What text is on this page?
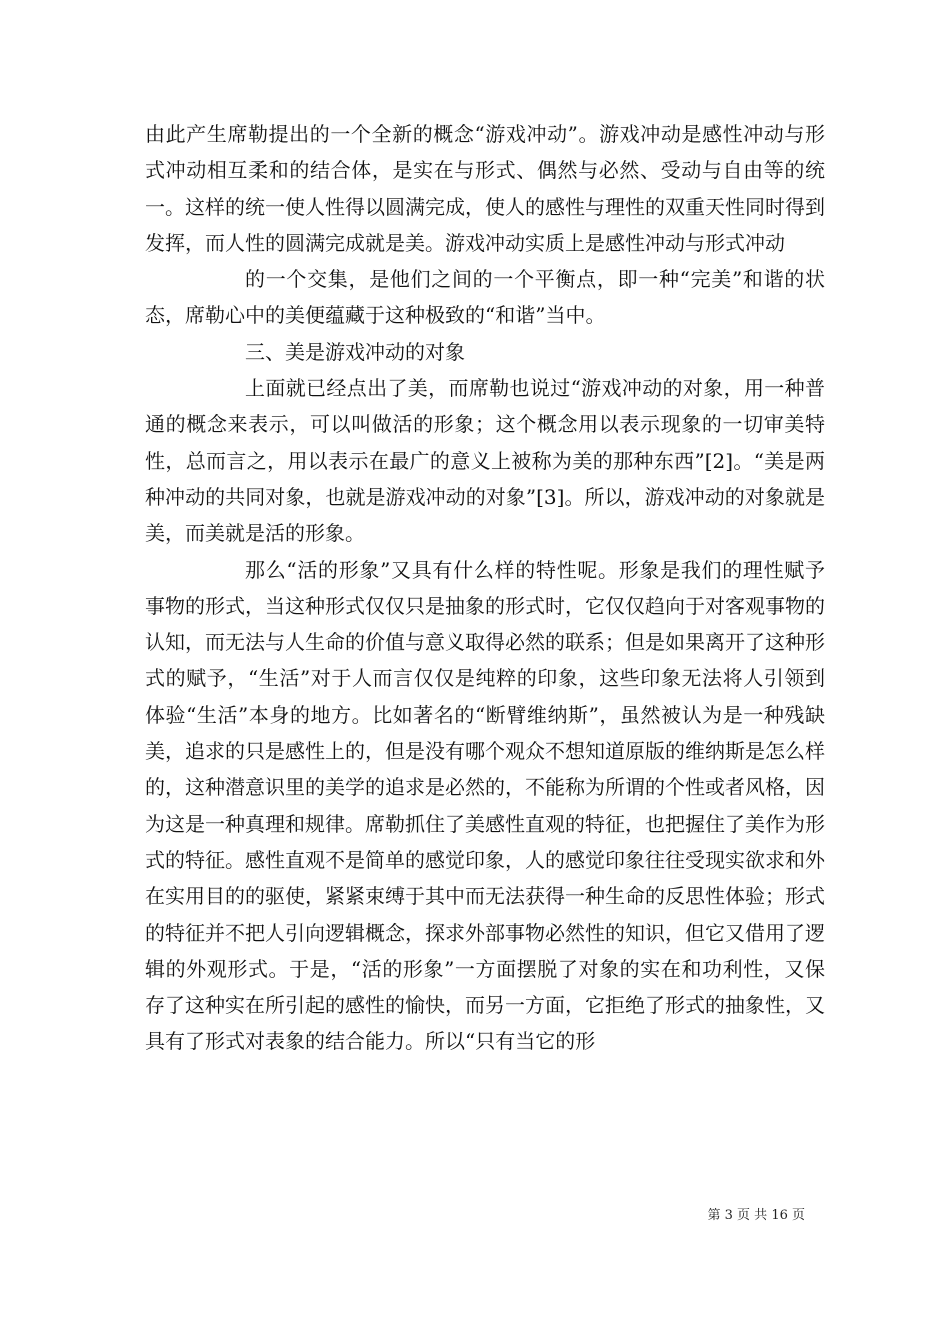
由此产生席勒提出的一个全新的概念“游戏冲动”。游戏冲动是感性冲动与形式冲动相互柔和的结合体，是实在与形式、偶然与必然、受动与自由等的统一。这样的统一使人性得以圆满完成，使人的感性与理性的双重天性同时得到发挥，而人性的圆满完成就是美。游戏冲动实质上是感性冲动与形式冲动

的一个交集，是他们之间的一个平衡点，即一种“完美”和谐的状态，席勒心中的美便蕴藏于这种极致的“和谐”当中。

三、美是游戏冲动的对象

上面就已经点出了美，而席勒也说过“游戏冲动的对象，用一种普通的概念来表示，可以叫做活的形象；这个概念用以表示现象的一切审美特性，总而言之，用以表示在最广的意义上被称为美的那种东西”[2]。“美是两种冲动的共同对象，也就是游戏冲动的对象”[3]。所以，游戏冲动的对象就是美，而美就是活的形象。

那么“活的形象”又具有什么样的特性呢。形象是我们的理性赋予事物的形式，当这种形式仅仅只是抽象的形式时，它仅仅趋向于对客观事物的认知，而无法与人生命的价值与意义取得必然的联系；但是如果离开了这种形式的赋予，“生活”对于人而言仅仅是纯粹的印象，这些印象无法将人引领到体验“生活”本身的地方。比如著名的“断臂维纳斯”，虽然被认为是一种残缺美，追求的只是感性上的，但是没有哪个观众不想知道原版的维纳斯是怎么样的，这种潜意识里的美学的追求是必然的，不能称为所谓的个性或者风格，因为这是一种真理和规律。席勒抓住了美感性直观的特征，也把握住了美作为形式的特征。感性直观不是简单的感觉印象，人的感觉印象往往受现实欲求和外在实用目的的驱使，紧紧束缚于其中而无法获得一种生命的反思性体验；形式的特征并不把人引向逻辑概念，探求外部事物必然性的知识，但它又借用了逻辑的外观形式。于是，“活的形象”一方面摆脱了对象的实在和功利性，又保存了这种实在所引起的感性的愉快，而另一方面，它拒绝了形式的抽象性，又具有了形式对表象的结合能力。所以“只有当它的形

第 3 页 共 16 页
